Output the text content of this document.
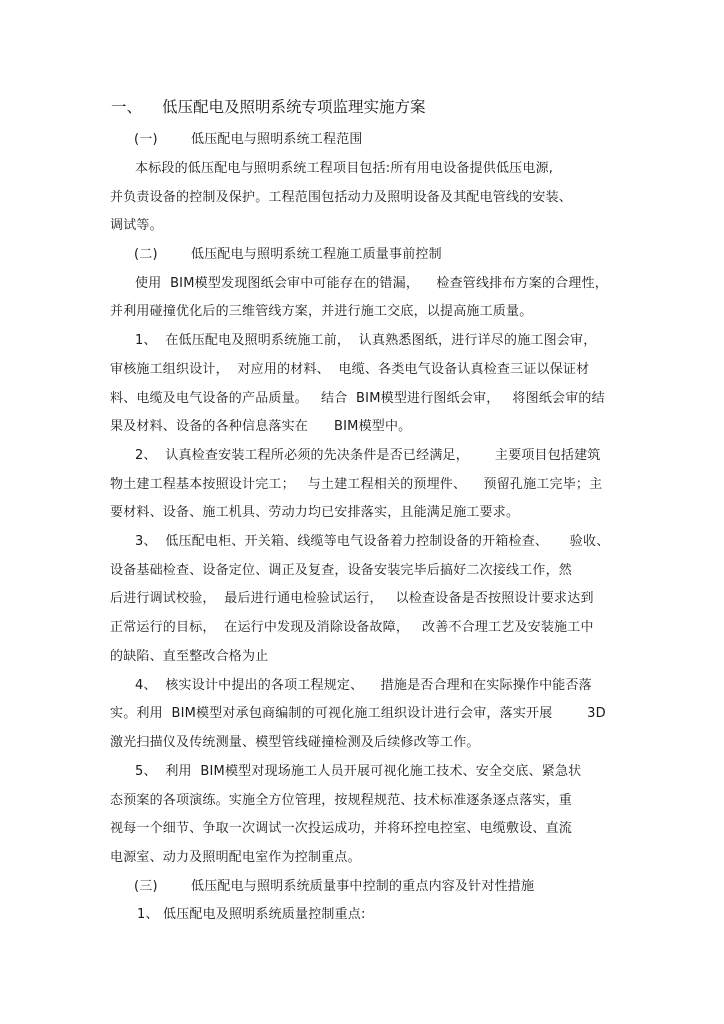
一、 低压配电及照明系统专项监理实施方案
(一)	低压配电与照明系统工程范围
本标段的低压配电与照明系统工程项目包括:所有用电设备提供低压电源,
并负责设备的控制及保护。工程范围包括动力及照明设备及其配电管线的安装、
调试等。
(二)	低压配电与照明系统工程施工质量事前控制
使用  BIM模型发现图纸会审中可能存在的错漏，    检查管线排布方案的合理性，
并利用碰撞优化后的三维管线方案，并进行施工交底，以提高施工质量。
1、  在低压配电及照明系统施工前，  认真熟悉图纸，进行详尽的施工图会审，
审核施工组织设计，  对应用的材料、  电缆、各类电气设备认真检查三证以保证材
料、电缆及电气设备的产品质量。   结合  BIM模型进行图纸会审，   将图纸会审的结
果及材料、设备的各种信息落实在      BIM模型中。
2、  认真检查安装工程所必须的先决条件是否已经满足，      主要项目包括建筑
物土建工程基本按照设计完工；   与土建工程相关的预埋件、    预留孔施工完毕；主
要材料、设备、施工机具、劳动力均已安排落实，且能满足施工要求。
3、  低压配电柜、开关箱、线缆等电气设备着力控制设备的开箱检查、     验收、
设备基础检查、设备定位、调正及复查，设备安装完毕后搞好二次接线工作，然
后进行调试校验，  最后进行通电检验试运行，   以检查设备是否按照设计要求达到
正常运行的目标，  在运行中发现及消除设备故障，   改善不合理工艺及安装施工中
的缺陷、直至整改合格为止
4、  核实设计中提出的各项工程规定、    措施是否合理和在实际操作中能否落
实。利用  BIM模型对承包商编制的可视化施工组织设计进行会审，落实开展        3D
激光扫描仪及传统测量、模型管线碰撞检测及后续修改等工作。
5、  利用  BIM模型对现场施工人员开展可视化施工技术、安全交底、紧急状
态预案的各项演练。实施全方位管理，按规程规范、技术标准逐条逐点落实，重
视每一个细节、争取一次调试一次投运成功，并将环控电控室、电缆敷设、直流
电源室、动力及照明配电室作为控制重点。
(三)	低压配电与照明系统质量事中控制的重点内容及针对性措施
1、 低压配电及照明系统质量控制重点:
